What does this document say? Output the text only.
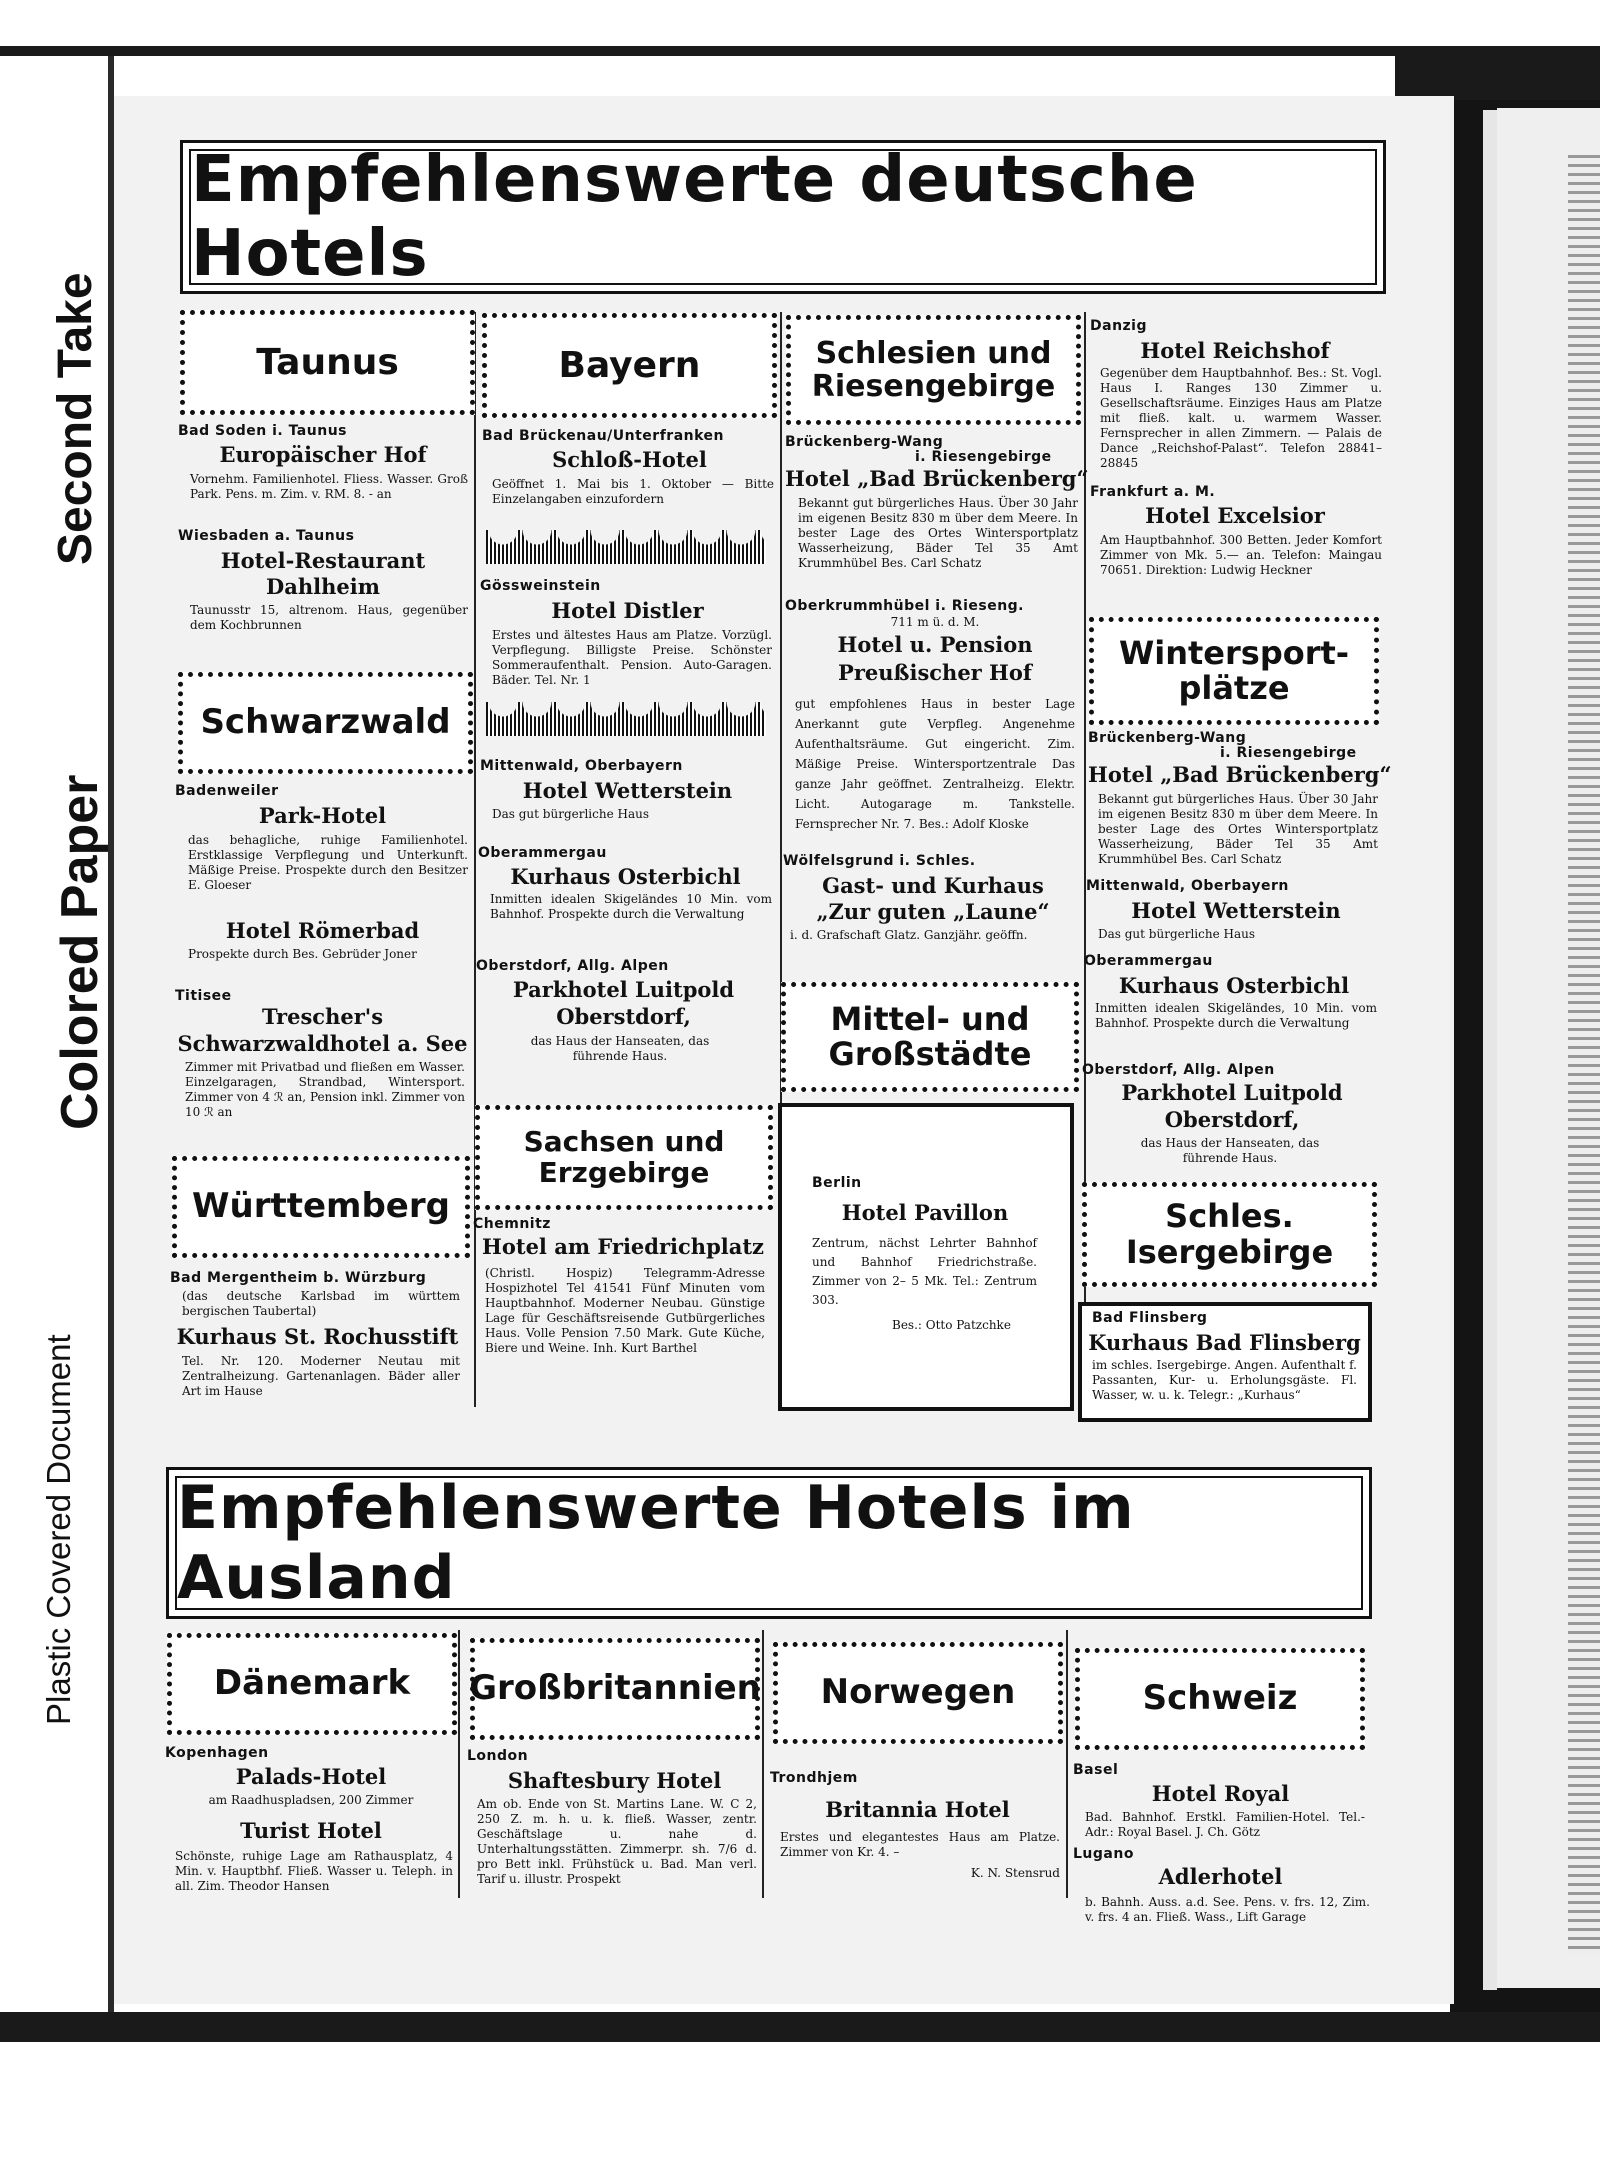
Second Take
Colored Paper
Plastic Covered Document
Empfehlenswerte deutsche Hotels
Taunus
Bad Soden i. Taunus
Europäischer Hof
Vornehm. Familienhotel. Fliess. Wasser. Groß Park. Pens. m. Zim. v. RM. 8. - an
Wiesbaden a. Taunus
Hotel-Restaurant
Dahlheim
Taunusstr 15, altrenom. Haus, gegenüber dem Kochbrunnen
Schwarzwald
Badenweiler
Park-Hotel
das behagliche, ruhige Familienhotel. Erstklassige Verpflegung und Unterkunft. Mäßige Preise. Prospekte durch den Besitzer E. Gloeser
Hotel Römerbad
Prospekte durch Bes. Gebrüder Joner
Titisee
Trescher's
Schwarzwaldhotel a. See
Zimmer mit Privatbad und fließen em Wasser. Einzelgaragen, Strandbad, Wintersport. Zimmer von 4 ℛ an, Pension inkl. Zimmer von 10 ℛ an
Württemberg
Bad Mergentheim b. Würzburg
(das deutsche Karlsbad im württem bergischen Taubertal)
Kurhaus St. Rochusstift
Tel. Nr. 120. Moderner Neutau mit Zentralheizung. Gartenanlagen. Bäder aller Art im Hause
Bayern
Bad Brückenau/Unterfranken
Schloß-Hotel
Geöffnet 1. Mai bis 1. Oktober — Bitte Einzelangaben einzufordern
Gössweinstein
Hotel Distler
Erstes und ältestes Haus am Platze. Vorzügl. Verpflegung. Billigste Preise. Schönster Sommeraufenthalt. Pension. Auto-Garagen. Bäder. Tel. Nr. 1
Mittenwald, Oberbayern
Hotel Wetterstein
Das gut bürgerliche Haus
Oberammergau
Kurhaus Osterbichl
Inmitten idealen Skigeländes 10 Min. vom Bahnhof. Prospekte durch die Verwaltung
Oberstdorf, Allg. Alpen
Parkhotel Luitpold
Oberstdorf,
das Haus der Hanseaten, das führende Haus.
Sachsen und Erzgebirge
Chemnitz
Hotel am Friedrichplatz
(Christl. Hospiz) Telegramm-Adresse Hospizhotel Tel 41541 Fünf Minuten vom Hauptbahnhof. Moderner Neubau. Günstige Lage für Geschäftsreisende Gutbürgerliches Haus. Volle Pension 7.50 Mark. Gute Küche, Biere und Weine. Inh. Kurt Barthel
Schlesien und Riesengebirge
Brückenberg-Wang
i. Riesengebirge
Hotel „Bad Brückenberg“
Bekannt gut bürgerliches Haus. Über 30 Jahr im eigenen Besitz 830 m über dem Meere. In bester Lage des Ortes Wintersportplatz Wasserheizung, Bäder Tel 35 Amt Krummhübel Bes. Carl Schatz
Oberkrummhübel i. Rieseng.
711 m ü. d. M.
Hotel u. Pension
Preußischer Hof
gut empfohlenes Haus in bester Lage Anerkannt gute Verpfleg. Angenehme Aufenthaltsräume. Gut eingericht. Zim. Mäßige Preise. Wintersportzentrale Das ganze Jahr geöffnet. Zentralheizg. Elektr. Licht. Autogarage m. Tankstelle. Fernsprecher Nr. 7. Bes.: Adolf Kloske
Wölfelsgrund i. Schles.
Gast- und Kurhaus
„Zur guten „Laune“
i. d. Grafschaft Glatz. Ganzjähr. geöffn.
Mittel- und Großstädte
Berlin
Hotel Pavillon
Zentrum, nächst Lehrter Bahnhof und Bahnhof Friedrichstraße. Zimmer von 2– 5 Mk. Tel.: Zentrum 303.
Bes.: Otto Patzchke
Danzig
Hotel Reichshof
Gegenüber dem Hauptbahnhof. Bes.: St. Vogl. Haus I. Ranges 130 Zimmer u. Gesellschaftsräume. Einziges Haus am Platze mit fließ. kalt. u. warmem Wasser. Fernsprecher in allen Zimmern. — Palais de Dance „Reichshof-Palast“. Telefon 28841–28845
Frankfurt a. M.
Hotel Excelsior
Am Hauptbahnhof. 300 Betten. Jeder Komfort Zimmer von Mk. 5.— an. Telefon: Maingau 70651. Direktion: Ludwig Heckner
Wintersport-plätze
Brückenberg-Wang
i. Riesengebirge
Hotel „Bad Brückenberg“
Bekannt gut bürgerliches Haus. Über 30 Jahr im eigenen Besitz 830 m über dem Meere. In bester Lage des Ortes Wintersportplatz Wasserheizung, Bäder Tel 35 Amt Krummhübel Bes. Carl Schatz
Mittenwald, Oberbayern
Hotel Wetterstein
Das gut bürgerliche Haus
Oberammergau
Kurhaus Osterbichl
Inmitten idealen Skigeländes, 10 Min. vom Bahnhof. Prospekte durch die Verwaltung
Oberstdorf, Allg. Alpen
Parkhotel Luitpold
Oberstdorf,
das Haus der Hanseaten, das führende Haus.
Schles. Isergebirge
Bad Flinsberg
Kurhaus Bad Flinsberg
im schles. Isergebirge. Angen. Aufenthalt f. Passanten, Kur- u. Erholungsgäste. Fl. Wasser, w. u. k. Telegr.: „Kurhaus“
Empfehlenswerte Hotels im Ausland
Dänemark
Kopenhagen
Palads-Hotel
am Raadhuspladsen, 200 Zimmer
Turist Hotel
Schönste, ruhige Lage am Rathausplatz, 4 Min. v. Hauptbhf. Fließ. Wasser u. Teleph. in all. Zim. Theodor Hansen
Großbritannien
London
Shaftesbury Hotel
Am ob. Ende von St. Martins Lane. W. C 2, 250 Z. m. h. u. k. fließ. Wasser, zentr. Geschäftslage u. nahe d. Unterhaltungsstätten. Zimmerpr. sh. 7/6 d. pro Bett inkl. Frühstück u. Bad. Man verl. Tarif u. illustr. Prospekt
Norwegen
Trondhjem
Britannia Hotel
Erstes und elegantestes Haus am Platze. Zimmer von Kr. 4. –
K. N. Stensrud
Schweiz
Basel
Hotel Royal
Bad. Bahnhof. Erstkl. Familien-Hotel. Tel.-Adr.: Royal Basel. J. Ch. Götz
Lugano
Adlerhotel
b. Bahnh. Auss. a.d. See. Pens. v. frs. 12, Zim. v. frs. 4 an. Fließ. Wass., Lift Garage
